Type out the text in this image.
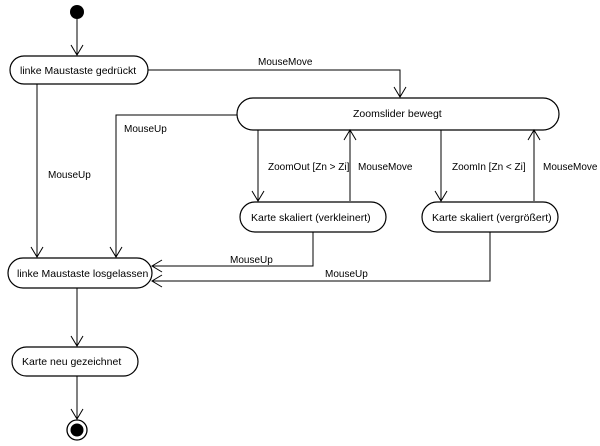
linke Maustaste gedrückt
MouseMove
MouseUp
Zoomslider bewegt
MouseUp
ZoomOut [Zn > Zi] MouseMove	ZoomIn [Zn < Zi] MouseMove
Karte skaliert (verkleinert)	Karte skaliert (vergrößert)
MouseUp
MouseUp
linke Maustaste losgelassen
Karte neu gezeichnet
